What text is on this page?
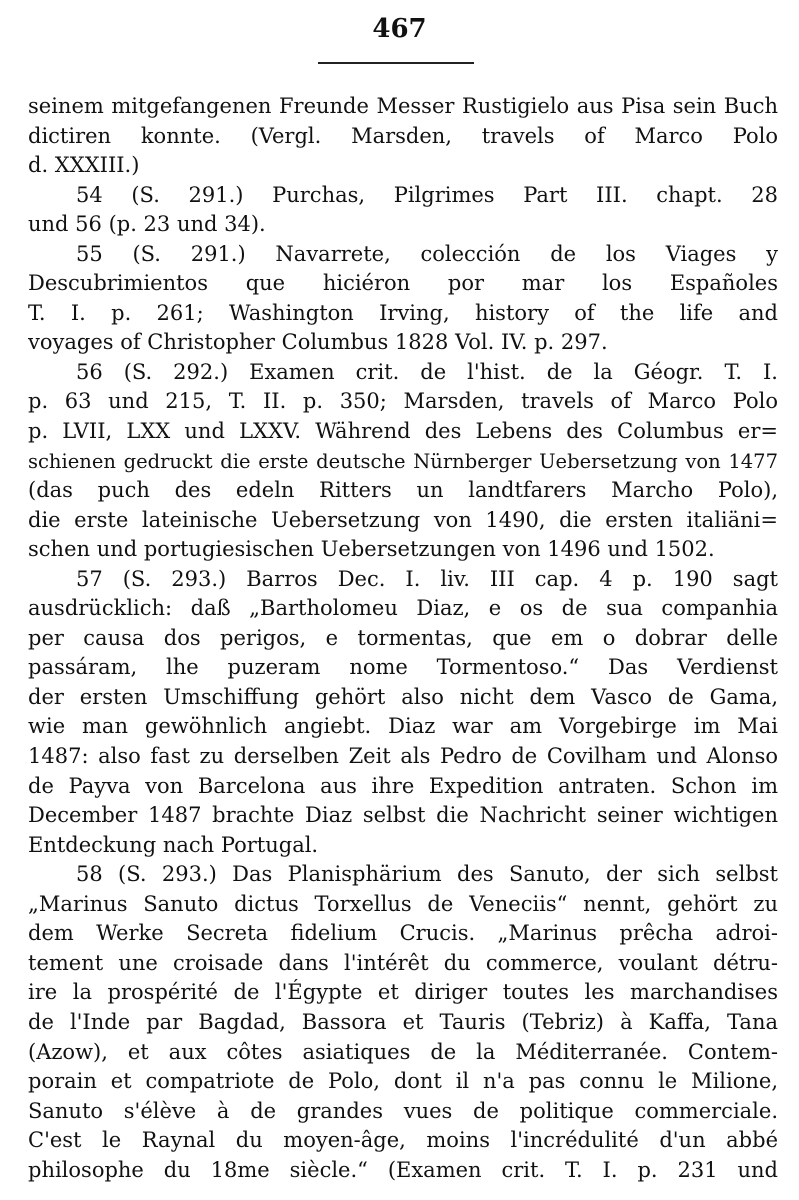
467
seinem mitgefangenen Freunde Messer Rustigielo aus Pisa sein Buch
dictiren konnte. (Vergl. Marsden, travels of Marco Polo
d. XXXIII.)
54 (S. 291.) Purchas, Pilgrimes Part III. chapt. 28
und 56 (p. 23 und 34).
55 (S. 291.) Navarrete, colección de los Viages y
Descubrimientos que hiciéron por mar los Españoles
T. I. p. 261; Washington Irving, history of the life and
voyages of Christopher Columbus 1828 Vol. IV. p. 297.
56 (S. 292.) Examen crit. de l'hist. de la Géogr. T. I.
p. 63 und 215, T. II. p. 350; Marsden, travels of Marco Polo
p. LVII, LXX und LXXV. Während des Lebens des Columbus er=
schienen gedruckt die erste deutsche Nürnberger Uebersetzung von 1477
(das puch des edeln Ritters un landtfarers Marcho Polo),
die erste lateinische Uebersetzung von 1490, die ersten italiäni=
schen und portugiesischen Uebersetzungen von 1496 und 1502.
57 (S. 293.) Barros Dec. I. liv. III cap. 4 p. 190 sagt
ausdrücklich: daß „Bartholomeu Diaz, e os de sua companhia
per causa dos perigos, e tormentas, que em o dobrar delle
passáram, lhe puzeram nome Tormentoso.“ Das Verdienst
der ersten Umschiffung gehört also nicht dem Vasco de Gama,
wie man gewöhnlich angiebt. Diaz war am Vorgebirge im Mai
1487: also fast zu derselben Zeit als Pedro de Covilham und Alonso
de Payva von Barcelona aus ihre Expedition antraten. Schon im
December 1487 brachte Diaz selbst die Nachricht seiner wichtigen
Entdeckung nach Portugal.
58 (S. 293.) Das Planisphärium des Sanuto, der sich selbst
„Marinus Sanuto dictus Torxellus de Veneciis“ nennt, gehört zu
dem Werke Secreta fidelium Crucis. „Marinus prêcha adroi-
tement une croisade dans l'intérêt du commerce, voulant détru-
ire la prospérité de l'Égypte et diriger toutes les marchandises
de l'Inde par Bagdad, Bassora et Tauris (Tebriz) à Kaffa, Tana
(Azow), et aux côtes asiatiques de la Méditerranée. Contem-
porain et compatriote de Polo, dont il n'a pas connu le Milione,
Sanuto s'élève à de grandes vues de politique commerciale.
C'est le Raynal du moyen-âge, moins l'incrédulité d'un abbé
philosophe du 18me siècle.“ (Examen crit. T. I. p. 231 und
